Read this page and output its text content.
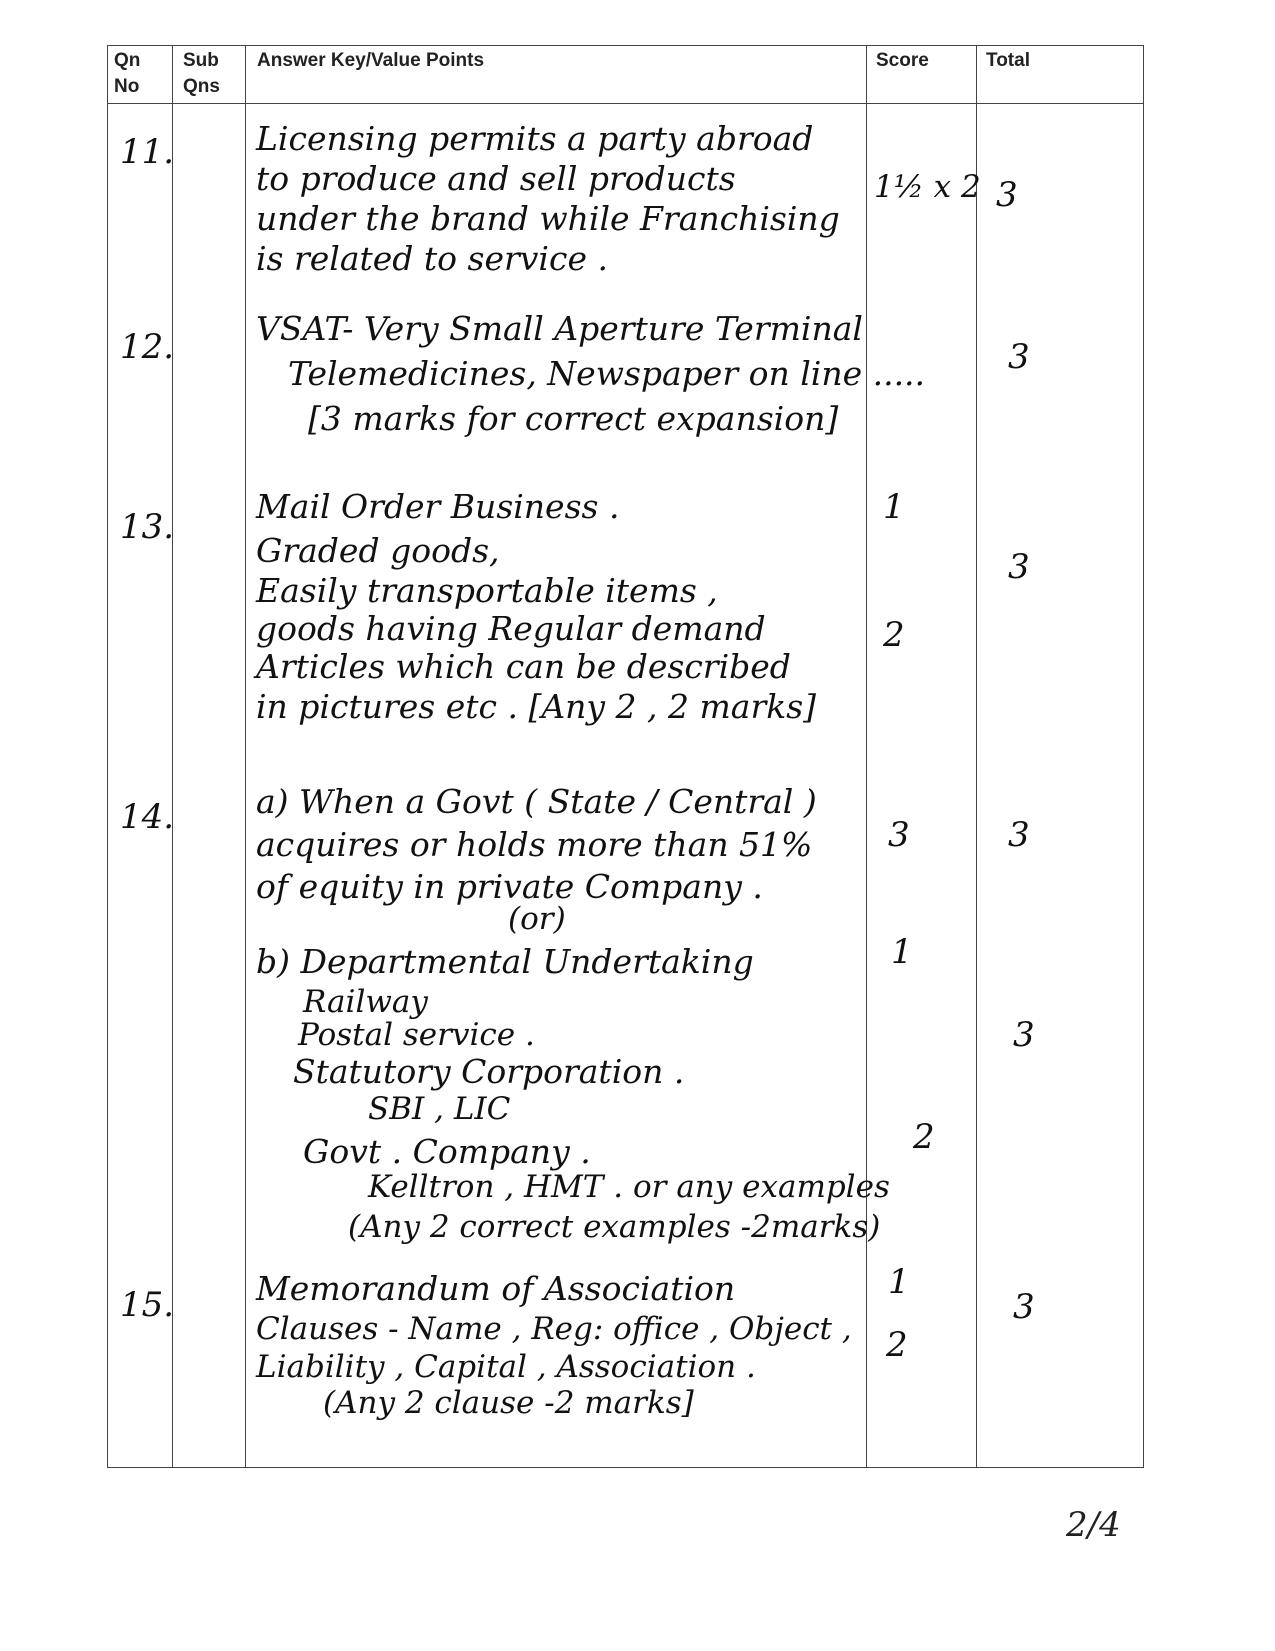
Qn
No
Sub
Qns
Answer Key/Value Points	Score	Total
11. Licensing permits a party abroad
to produce and sell products
under the brand while Franchising
is related to service .
1½ x 2 3
12. VSAT- Very Small Aperture Terminal
Telemedicines, Newspaper on line .....
[3 marks for correct expansion]
3
13.
Mail Order Business .
Graded goods,
Easily transportable items ,
goods having Regular demand
Articles which can be described
in pictures etc . [Any 2 , 2 marks]
1
2
3
14. a) When a Govt ( State / Central )
acquires or holds more than 51%
of equity in private Company .
(or)
b) Departmental Undertaking
Railway
Postal service .
Statutory Corporation .
SBI , LIC
Govt . Company .
Kelltron , HMT . or any examples
(Any 2 correct examples -2marks)
3
1
2
3
3
15. Memorandum of Association
Clauses - Name , Reg: office , Object ,
Liability , Capital , Association .
(Any 2 clause -2 marks]
1
2
3
2/4
